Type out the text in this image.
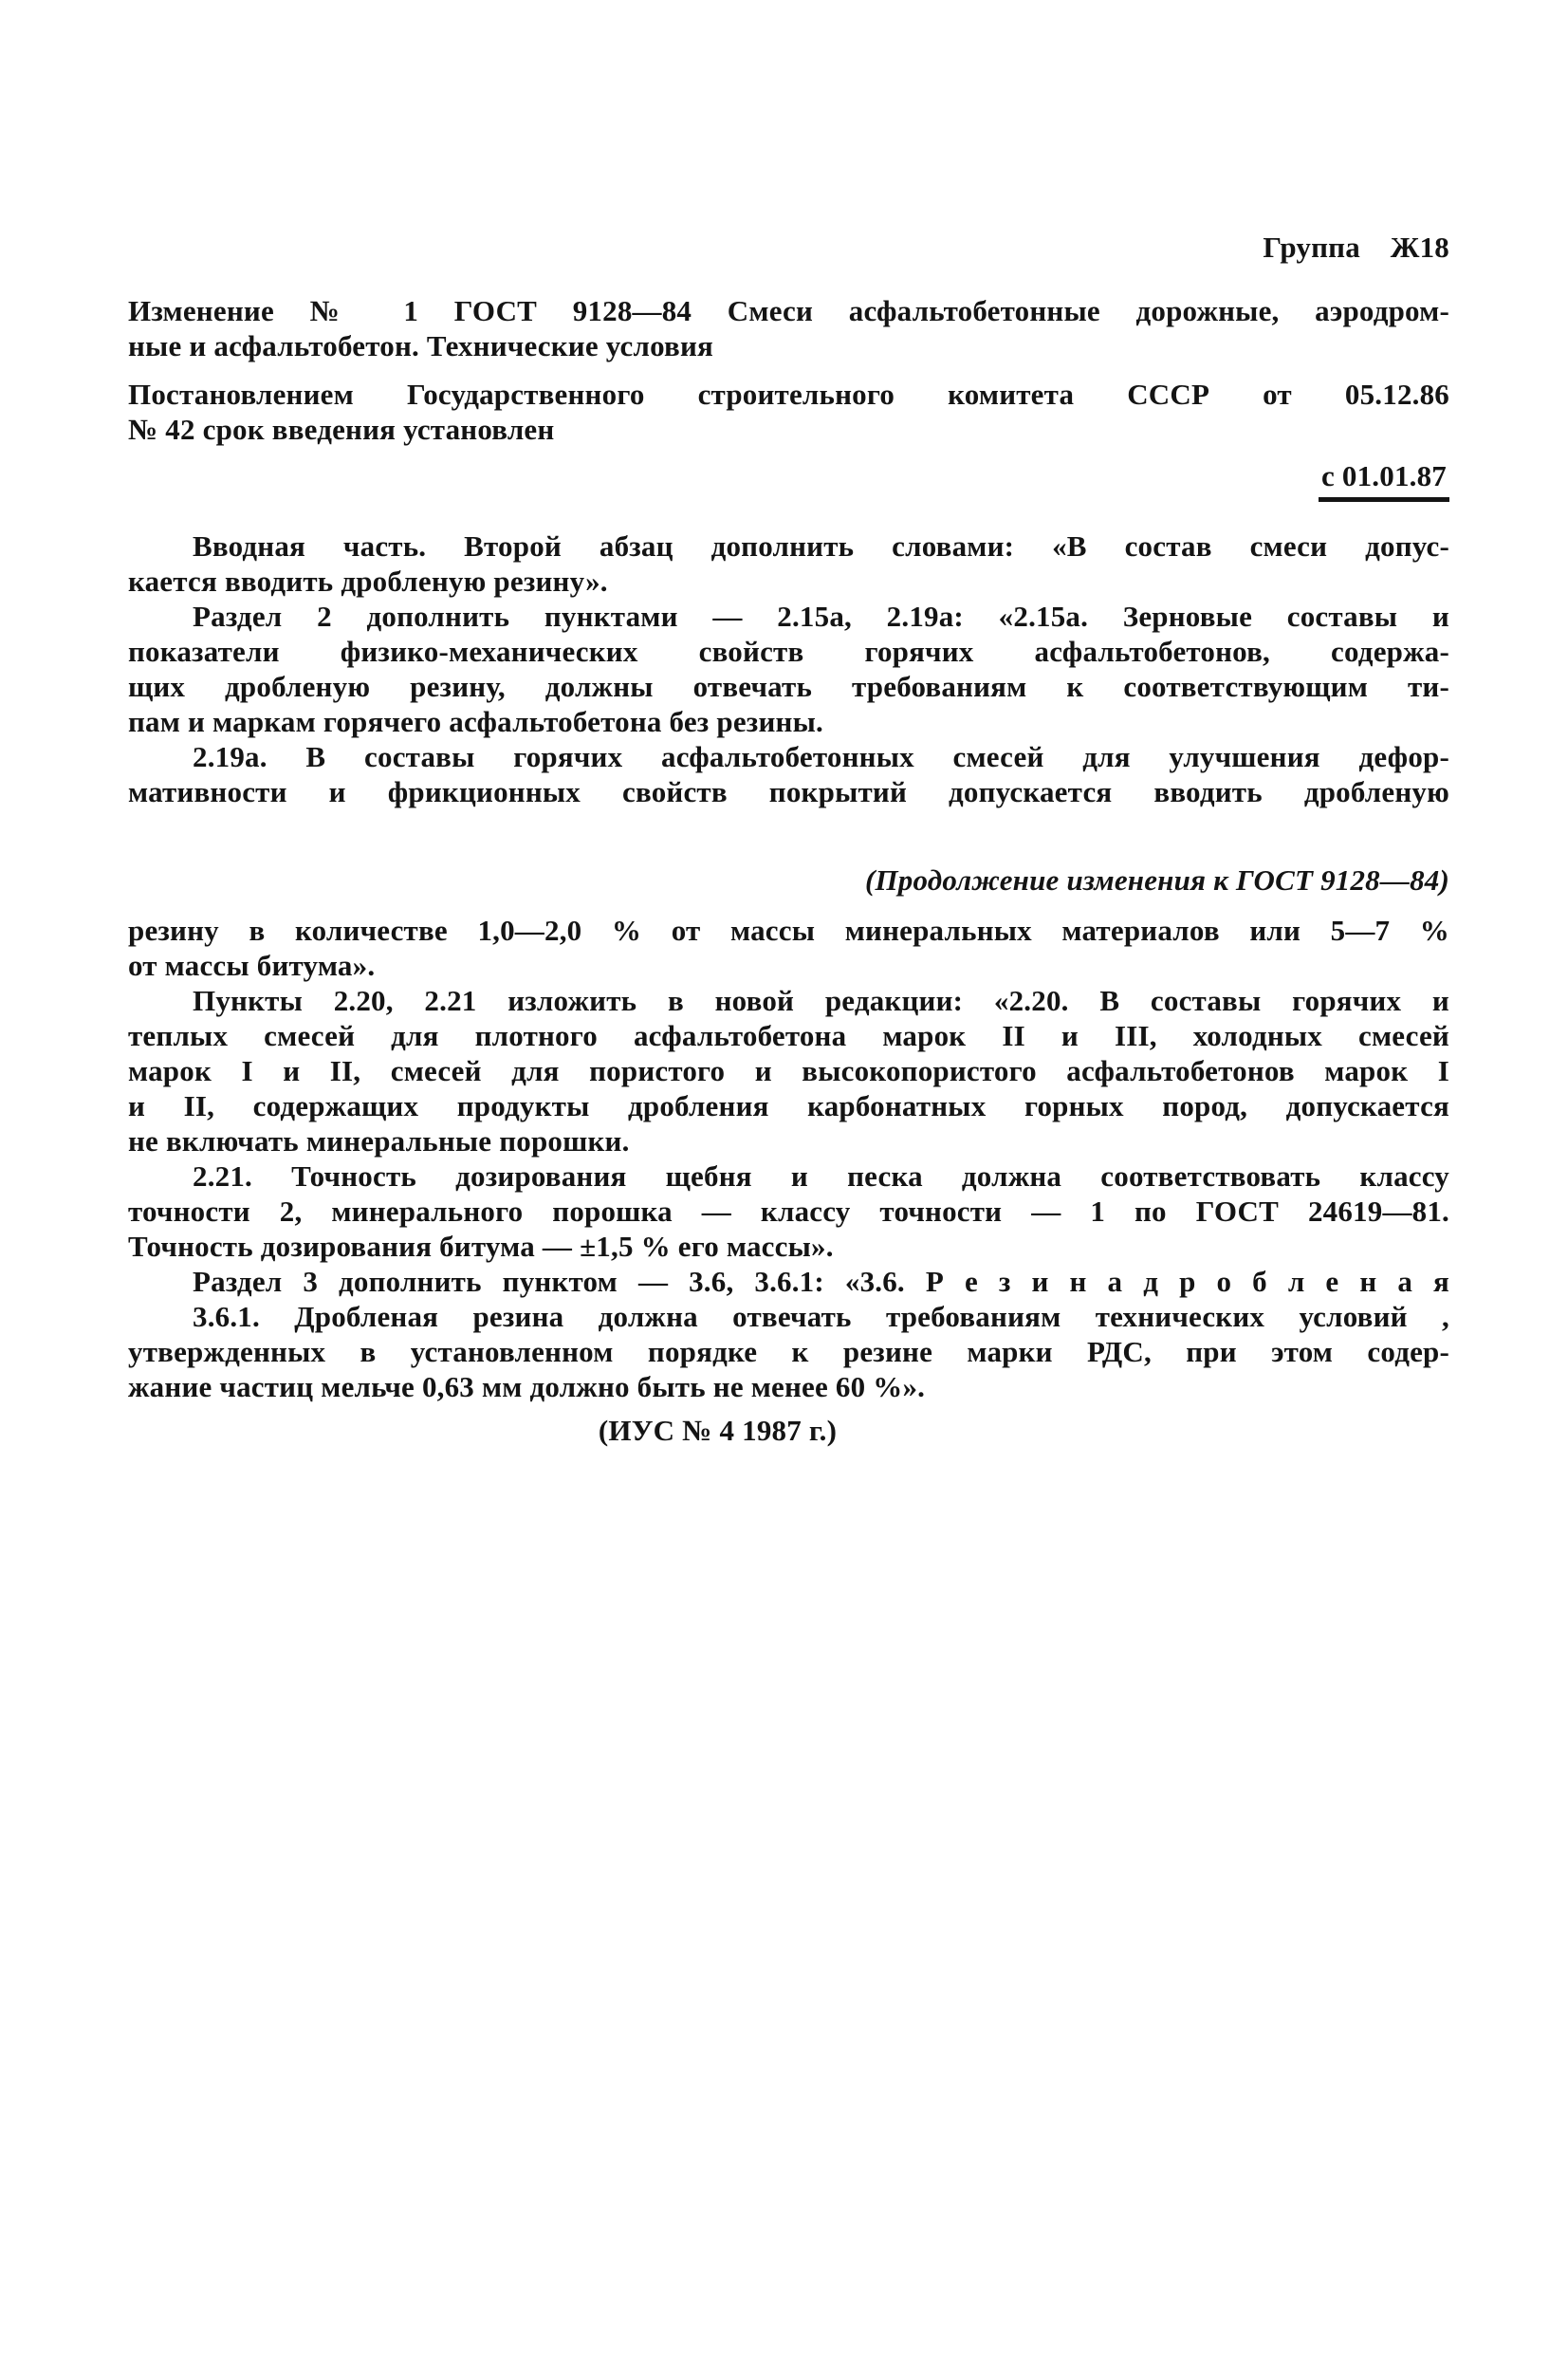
Группа    Ж18
Изменение № 1 ГОСТ 9128—84 Смеси асфальтобетонные дорожные, аэродром-
ные и асфальтобетон. Технические условия
Постановлением Государственного строительного комитета СССР от 05.12.86
№ 42 срок введения установлен
с 01.01.87
Вводная часть. Второй абзац дополнить словами: «В состав смеси допус-
кается вводить дробленую резину».
Раздел 2 дополнить пунктами — 2.15а, 2.19а: «2.15а. Зерновые составы и
показатели физико-механических свойств горячих асфальтобетонов, содержа-
щих дробленую резину, должны отвечать требованиям к соответствующим ти-
пам и маркам горячего асфальтобетона без резины.
2.19а. В составы горячих асфальтобетонных смесей для улучшения дефор-
мативности и фрикционных свойств покрытий допускается вводить дробленую
(Продолжение изменения к ГОСТ 9128—84)
резину в количестве 1,0—2,0 % от массы минеральных материалов или 5—7 %
от массы битума».
Пункты 2.20, 2.21 изложить в новой редакции: «2.20. В составы горячих и
теплых смесей для плотного асфальтобетона марок II и III, холодных смесей
марок I и II, смесей для пористого и высокопористого асфальтобетонов марок I
и II, содержащих продукты дробления карбонатных горных пород, допускается
не включать минеральные порошки.
2.21. Точность дозирования щебня и песка должна соответствовать классу
точности 2, минерального порошка — классу точности — 1 по ГОСТ 24619—81.
Точность дозирования битума — ±1,5 % его массы».
Раздел 3 дополнить пунктом — 3.6, 3.6.1: «3.6. Р е з и н а д р о б л е н а я
3.6.1. Дробленая резина должна отвечать требованиям технических условий ,
утвержденных в установленном порядке к резине марки РДС, при этом содер-
жание частиц мельче 0,63 мм должно быть не менее 60 %».
(ИУС № 4 1987 г.)
